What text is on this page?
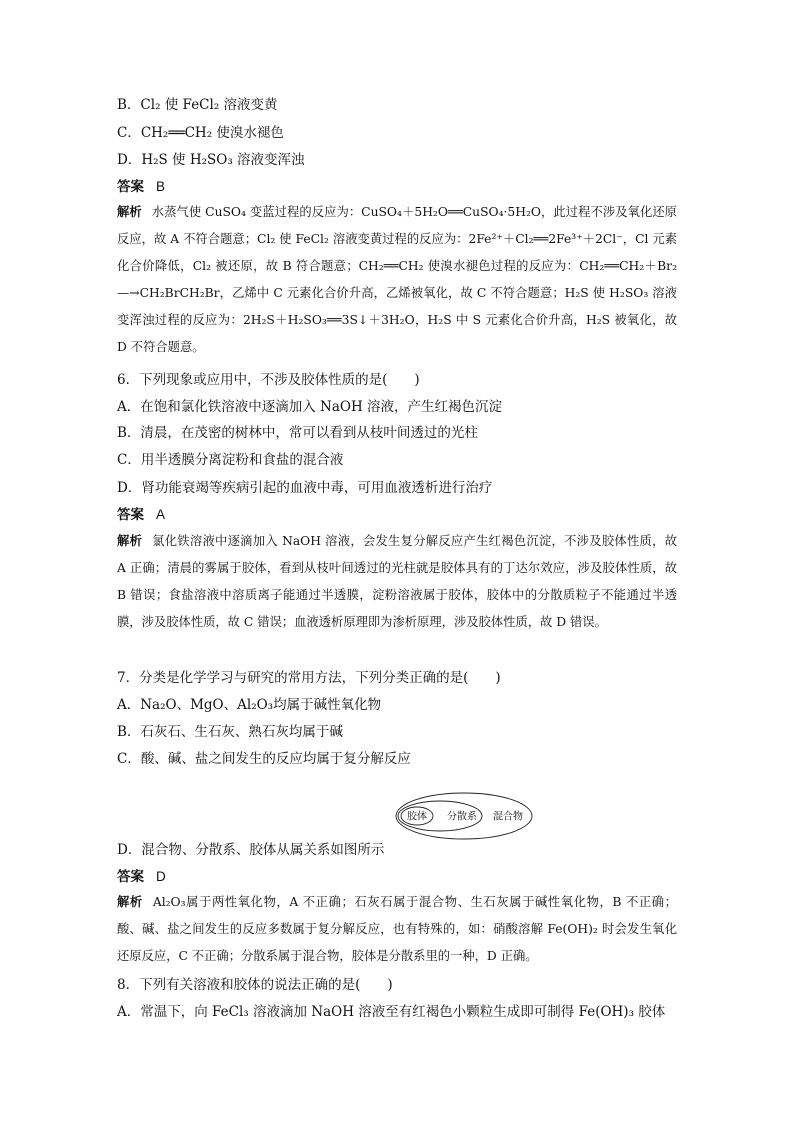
B．Cl₂ 使 FeCl₂ 溶液变黄
C．CH₂══CH₂ 使溴水褪色
D．H₂S 使 H₂SO₃ 溶液变浑浊
答案 B

解析 水蒸气使 CuSO₄ 变蓝过程的反应为：CuSO₄＋5H₂O══CuSO₄·5H₂O，此过程不涉及氧化还原反应，故 A 不符合题意；Cl₂ 使 FeCl₂ 溶液变黄过程的反应为：2Fe²⁺＋Cl₂══2Fe³⁺＋2Cl⁻，Cl 元素化合价降低，Cl₂ 被还原，故 B 符合题意；CH₂══CH₂ 使溴水褪色过程的反应为：CH₂══CH₂＋Br₂—→CH₂BrCH₂Br，乙烯中 C 元素化合价升高，乙烯被氧化，故 C 不符合题意；H₂S 使 H₂SO₃ 溶液变浑浊过程的反应为：2H₂S＋H₂SO₃══3S↓＋3H₂O，H₂S 中 S 元素化合价升高，H₂S 被氧化，故 D 不符合题意。

6．下列现象或应用中，不涉及胶体性质的是(　　)
A．在饱和氯化铁溶液中逐滴加入 NaOH 溶液，产生红褐色沉淀
B．清晨，在茂密的树林中，常可以看到从枝叶间透过的光柱
C．用半透膜分离淀粉和食盐的混合液
D．肾功能衰竭等疾病引起的血液中毒，可用血液透析进行治疗
答案 A

解析 氯化铁溶液中逐滴加入 NaOH 溶液，会发生复分解反应产生红褐色沉淀，不涉及胶体性质，故 A 正确；清晨的雾属于胶体，看到从枝叶间透过的光柱就是胶体具有的丁达尔效应，涉及胶体性质，故 B 错误；食盐溶液中溶质离子能通过半透膜，淀粉溶液属于胶体，胶体中的分散质粒子不能通过半透膜，涉及胶体性质，故 C 错误；血液透析原理即为渗析原理，涉及胶体性质，故 D 错误。

7．分类是化学学习与研究的常用方法，下列分类正确的是(　　)
A．Na₂O、MgO、Al₂O₃均属于碱性氧化物
B．石灰石、生石灰、熟石灰均属于碱
C．酸、碱、盐之间发生的反应均属于复分解反应
胶体 分散系 混合物
D．混合物、分散系、胶体从属关系如图所示
答案 D

解析 Al₂O₃属于两性氧化物，A 不正确；石灰石属于混合物、生石灰属于碱性氧化物，B 不正确；酸、碱、盐之间发生的反应多数属于复分解反应，也有特殊的，如：硝酸溶解 Fe(OH)₂ 时会发生氧化还原反应，C 不正确；分散系属于混合物，胶体是分散系里的一种，D 正确。

8．下列有关溶液和胶体的说法正确的是(　　)
A．常温下，向 FeCl₃ 溶液滴加 NaOH 溶液至有红褐色小颗粒生成即可制得 Fe(OH)₃ 胶体
